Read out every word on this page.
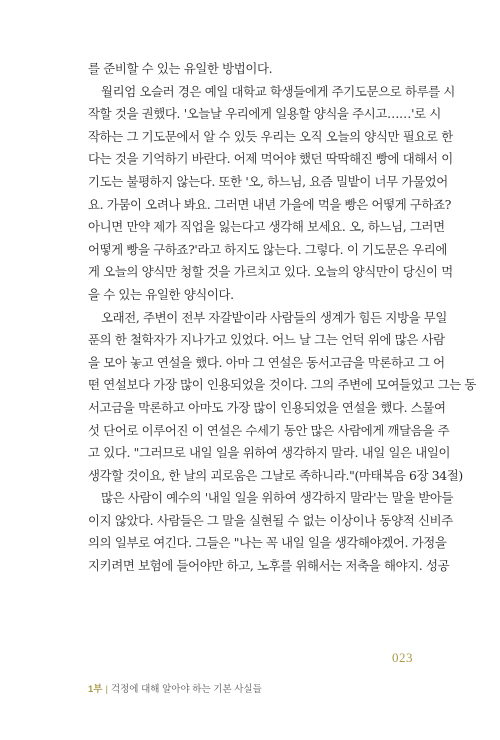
를 준비할 수 있는 유일한 방법이다.
월리엄 오슬러 경은 예일 대학교 학생들에게 주기도문으로 하루를 시
작할 것을 권했다. '오늘날 우리에게 일용할 양식을 주시고……'로 시
작하는 그 기도문에서 알 수 있듯 우리는 오직 오늘의 양식만 필요로 한
다는 것을 기억하기 바란다. 어제 먹어야 했던 딱딱해진 빵에 대해서 이
기도는 불평하지 않는다. 또한 '오, 하느님, 요즘 밀밭이 너무 가물었어
요. 가뭄이 오려나 봐요. 그러면 내년 가을에 먹을 빵은 어떻게 구하죠?
아니면 만약 제가 직업을 잃는다고 생각해 보세요. 오, 하느님, 그러면
어떻게 빵을 구하죠?'라고 하지도 않는다. 그렇다. 이 기도문은 우리에
게 오늘의 양식만 청할 것을 가르치고 있다. 오늘의 양식만이 당신이 먹
을 수 있는 유일한 양식이다.
오래전, 주변이 전부 자갈밭이라 사람들의 생계가 힘든 지방을 무일
푼의 한 철학자가 지나가고 있었다. 어느 날 그는 언덕 위에 많은 사람
을 모아 놓고 연설을 했다. 아마 그 연설은 동서고금을 막론하고 그 어
떤 연설보다 가장 많이 인용되었을 것이다. 그의 주변에 모여들었고 그는 동
서고금을 막론하고 아마도 가장 많이 인용되었을 연설을 했다. 스물여
섯 단어로 이루어진 이 연설은 수세기 동안 많은 사람에게 깨달음을 주
고 있다. "그러므로 내일 일을 위하여 생각하지 말라. 내일 일은 내일이
생각할 것이요, 한 날의 괴로움은 그날로 족하니라."(마태복음 6장 34절)
많은 사람이 예수의 '내일 일을 위하여 생각하지 말라'는 말을 받아들
이지 않았다. 사람들은 그 말을 실현될 수 없는 이상이나 동양적 신비주
의의 일부로 여긴다. 그들은 "나는 꼭 내일 일을 생각해야겠어. 가정을
지키려면 보험에 들어야만 하고, 노후를 위해서는 저축을 해야지. 성공
023
1부 | 걱정에 대해 알아야 하는 기본 사실들
